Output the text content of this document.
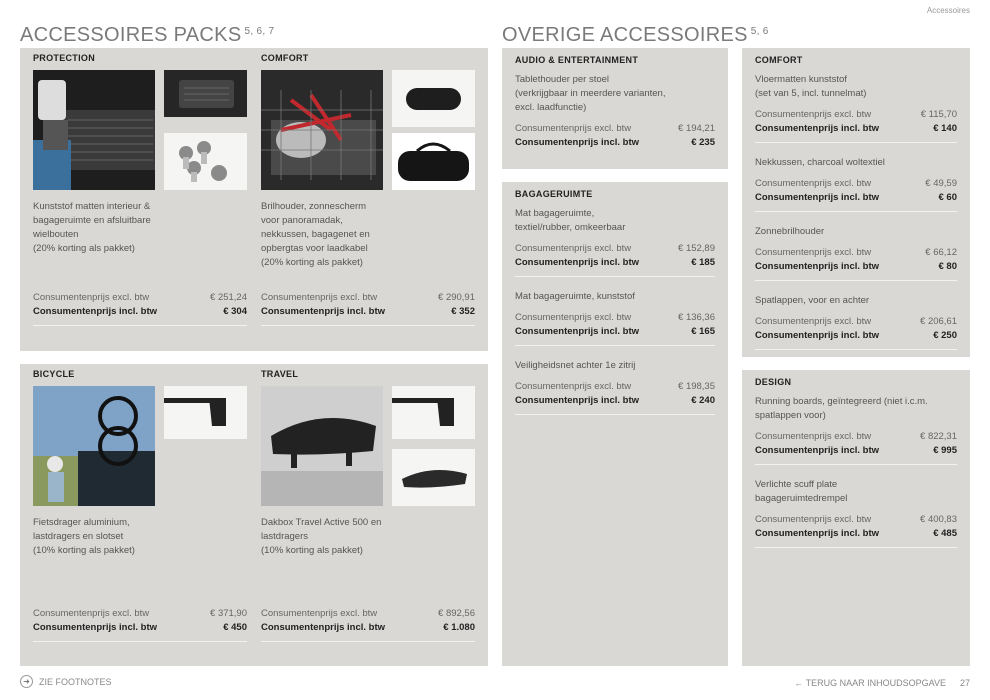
Accessoires
ACCESSOIRES PACKS $^{5, 6, 7}$	OVERIGE ACCESSOIRES $^{5, 6}$
PROTECTION
Kunststof matten interieur &
bagageruimte en afsluitbare
wielbouten
(20% korting als pakket)
Consumentenprijs excl. btw	€ 251,24
Consumentenprijs incl. btw	€ 304
COMFORT
Brilhouder, zonnescherm
voor panoramadak,
nekkussen, bagagenet en
opbergtas voor laadkabel
(20% korting als pakket)
Consumentenprijs excl. btw	€ 290,91
Consumentenprijs incl. btw	€ 352
BICYCLE
Fietsdrager aluminium,
lastdragers en slotset
(10% korting als pakket)
Consumentenprijs excl. btw	€ 371,90
Consumentenprijs incl. btw	€ 450
TRAVEL
Dakbox Travel Active 500 en
lastdragers
(10% korting als pakket)
Consumentenprijs excl. btw	€ 892,56
Consumentenprijs incl. btw	€ 1.080
AUDIO & ENTERTAINMENT
Tablethouder per stoel
(verkrijgbaar in meerdere varianten,
excl. laadfunctie)
Consumentenprijs excl. btw	€ 194,21
Consumentenprijs incl. btw	€ 235
BAGAGERUIMTE
Mat bagageruimte,
textiel/rubber, omkeerbaar
Consumentenprijs excl. btw	€ 152,89
Consumentenprijs incl. btw	€ 185
Mat bagageruimte, kunststof
Consumentenprijs excl. btw	€ 136,36
Consumentenprijs incl. btw	€ 165
Veiligheidsnet achter 1e zitrij
Consumentenprijs excl. btw	€ 198,35
Consumentenprijs incl. btw	€ 240
COMFORT
Vloermatten kunststof
(set van 5, incl. tunnelmat)
Consumentenprijs excl. btw	€ 115,70
Consumentenprijs incl. btw	€ 140
Nekkussen, charcoal woltextiel
Consumentenprijs excl. btw	€ 49,59
Consumentenprijs incl. btw	€ 60
Zonnebrilhouder
Consumentenprijs excl. btw	€ 66,12
Consumentenprijs incl. btw	€ 80
Spatlappen, voor en achter
Consumentenprijs excl. btw	€ 206,61
Consumentenprijs incl. btw	€ 250
DESIGN
Running boards, geïntegreerd (niet i.c.m.
spatlappen voor)
Consumentenprijs excl. btw	€ 822,31
Consumentenprijs incl. btw	€ 995
Verlichte scuff plate
bagageruimtedrempel
Consumentenprijs excl. btw	€ 400,83
Consumentenprijs incl. btw	€ 485
➜	ZIE FOOTNOTES	← TERUG NAAR INHOUDSOPGAVE 27
